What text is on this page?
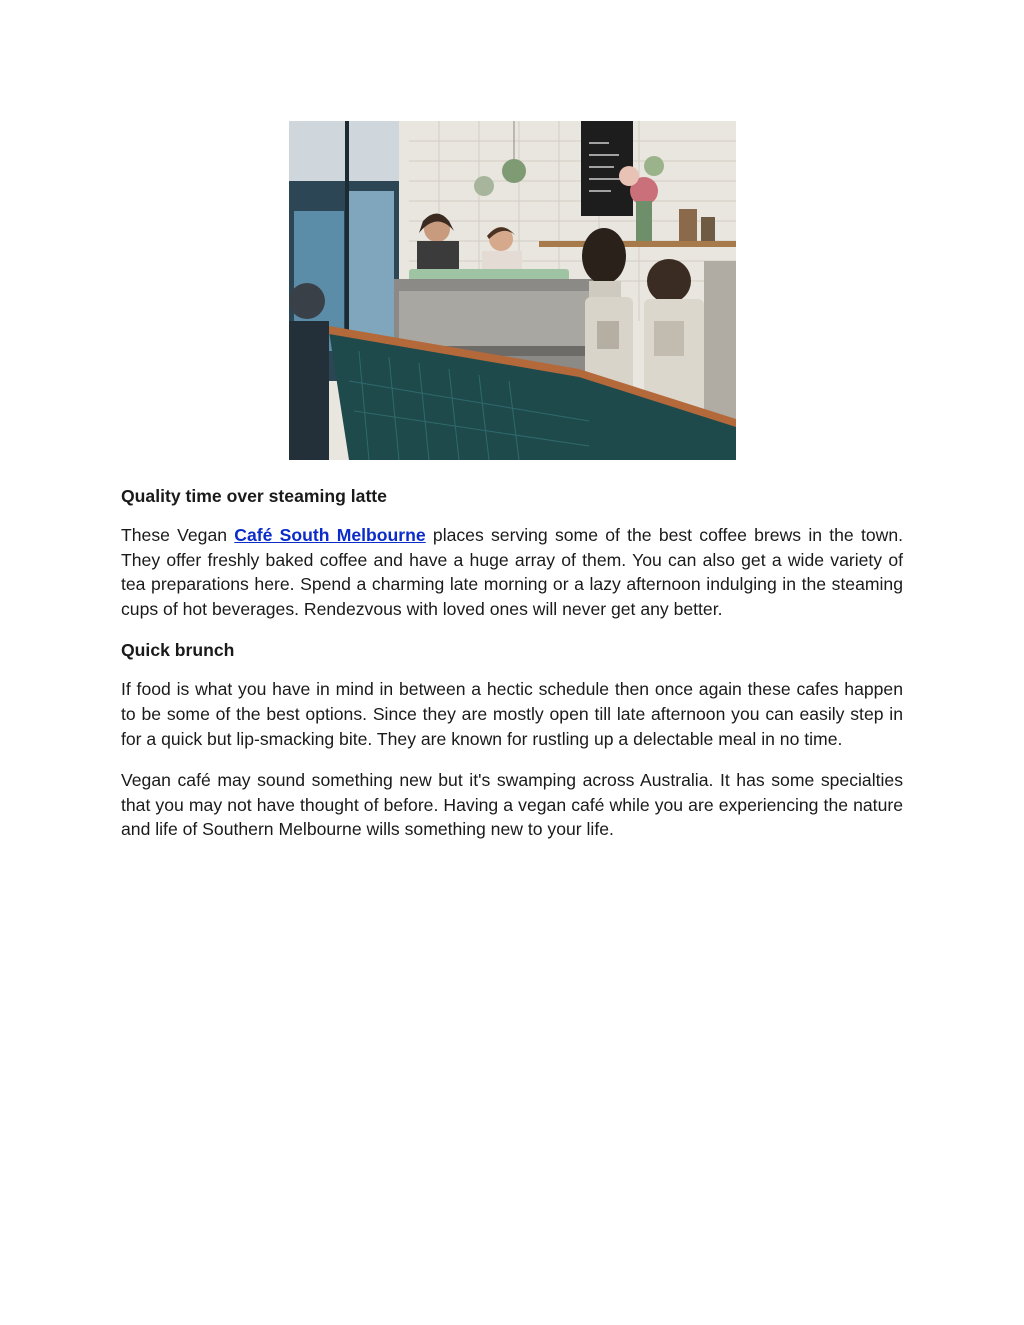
Quality time over steaming latte

These Vegan Café South Melbourne places serving some of the best coffee brews in the town. They offer freshly baked coffee and have a huge array of them. You can also get a wide variety of tea preparations here. Spend a charming late morning or a lazy afternoon indulging in the steaming cups of hot beverages. Rendezvous with loved ones will never get any better.

Quick brunch

If food is what you have in mind in between a hectic schedule then once again these cafes happen to be some of the best options. Since they are mostly open till late afternoon you can easily step in for a quick but lip-smacking bite. They are known for rustling up a delectable meal in no time.

Vegan café may sound something new but it's swamping across Australia. It has some specialties that you may not have thought of before. Having a vegan café while you are experiencing the nature and life of Southern Melbourne wills something new to your life.
